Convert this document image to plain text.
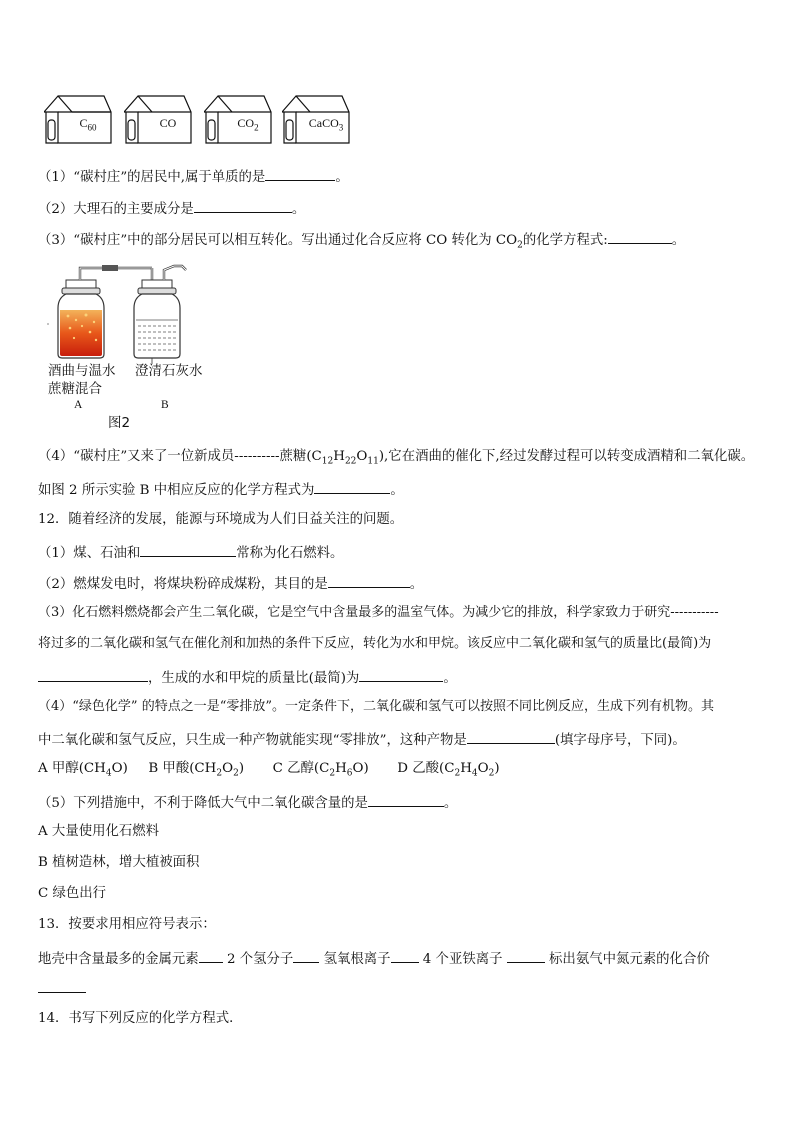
$C_{60}$	CO	$CO_2$	CaCO$_3$
（1）“碳村庄”的居民中,属于单质的是	。
（2）大理石的主要成分是	。
（3）“碳村庄”中的部分居民可以相互转化。写出通过化合反应将 CO 转化为 $CO_2$的化学方程式:	。
酒曲与温水
蔗糖混合
澄清石灰水
A	B
图2
（4）“碳村庄”又来了一位新成员----------蔗糖$(C_{12}H_{22}O_{11})$,它在酒曲的催化下,经过发酵过程可以转变成酒精和二氧化碳。
如图 2 所示实验 B 中相应反应的化学方程式为	。
12．随着经济的发展，能源与环境成为人们日益关注的问题。
（1）煤、石油和	常称为化石燃料。
（2）燃煤发电时，将煤块粉碎成煤粉，其目的是	。
（3）化石燃料燃烧都会产生二氧化碳，它是空气中含量最多的温室气体。为减少它的排放，科学家致力于研究-----------
将过多的二氧化碳和氢气在催化剂和加热的条件下反应，转化为水和甲烷。该反应中二氧化碳和氢气的质量比(最简)为
，生成的水和甲烷的质量比(最简)为	。
（4）“绿色化学” 的特点之一是“零排放”。一定条件下，二氧化碳和氢气可以按照不同比例反应，生成下列有机物。其
中二氧化碳和氢气反应，只生成一种产物就能实现“零排放”，这种产物是	(填字母序号，下同)。
A 甲醇$(CH_4O)$ B 甲酸$(CH_2O_2)$ C 乙醇$(C_2H_6O)$ D 乙酸$(C_2H_4O_2)$
（5）下列措施中，不利于降低大气中二氧化碳含量的是	。
A 大量使用化石燃料
B 植树造林，增大植被面积
C 绿色出行
13．按要求用相应符号表示：
地壳中含量最多的金属元素 2 个氢分子 氢氧根离子 4 个亚铁离子	标出氨气中氮元素的化合价
14．书写下列反应的化学方程式．
